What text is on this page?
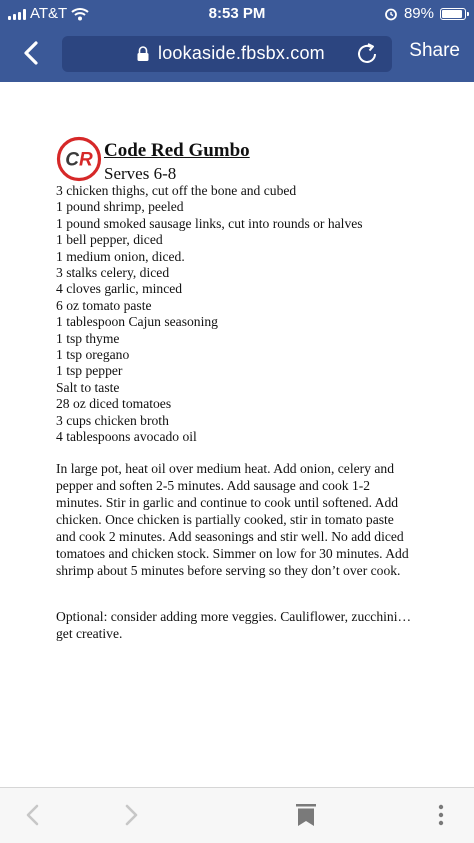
AT&T	8:53 PM	89%
lookaside.fbsbx.com	Share
CR Code Red Gumbo
Serves 6-8
3 chicken thighs, cut off the bone and cubed
1 pound shrimp, peeled
1 pound smoked sausage links, cut into rounds or halves
1 bell pepper, diced
1 medium onion, diced.
3 stalks celery, diced
4 cloves garlic, minced
6 oz tomato paste
1 tablespoon Cajun seasoning
1 tsp thyme
1 tsp oregano
1 tsp pepper
Salt to taste
28 oz diced tomatoes
3 cups chicken broth
4 tablespoons avocado oil

In large pot, heat oil over medium heat. Add onion, celery and pepper and soften 2-5 minutes. Add sausage and cook 1-2 minutes. Stir in garlic and continue to cook until softened. Add chicken. Once chicken is partially cooked, stir in tomato paste and cook 2 minutes. Add seasonings and stir well. No add diced tomatoes and chicken stock. Simmer on low for 30 minutes. Add shrimp about 5 minutes before serving so they don’t over cook.

Optional: consider adding more veggies. Cauliflower, zucchini… get creative.
